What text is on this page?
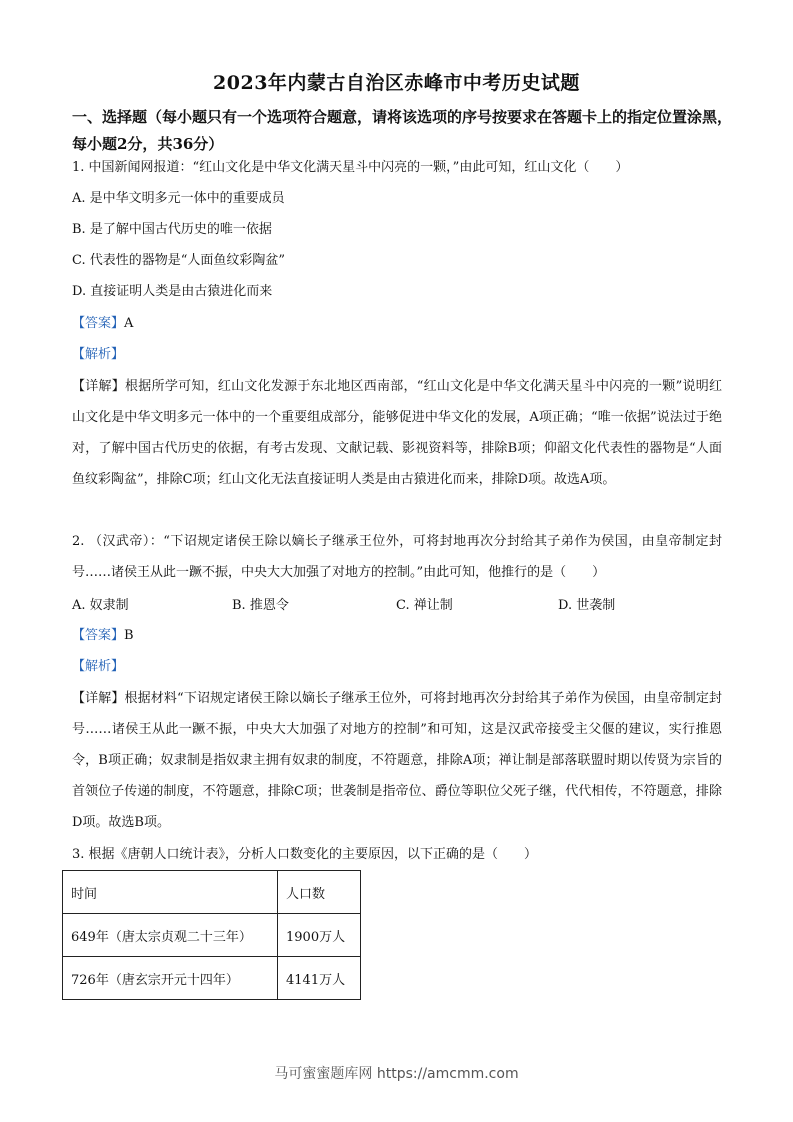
2023年内蒙古自治区赤峰市中考历史试题
一、选择题（每小题只有一个选项符合题意，请将该选项的序号按要求在答题卡上的指定位置涂黑，每小题2分，共36分）
1. 中国新闻网报道：“红山文化是中华文化满天星斗中闪亮的一颗，”由此可知，红山文化（　　）
A. 是中华文明多元一体中的重要成员
B. 是了解中国古代历史的唯一依据
C. 代表性的器物是“人面鱼纹彩陶盆”
D. 直接证明人类是由古猿进化而来
【答案】A
【解析】
【详解】根据所学可知，红山文化发源于东北地区西南部，“红山文化是中华文化满天星斗中闪亮的一颗”说明红山文化是中华文明多元一体中的一个重要组成部分，能够促进中华文化的发展，A项正确；“唯一依据”说法过于绝对，了解中国古代历史的依据，有考古发现、文献记载、影视资料等，排除B项；仰韶文化代表性的器物是“人面鱼纹彩陶盆”，排除C项；红山文化无法直接证明人类是由古猿进化而来，排除D项。故选A项。
2. （汉武帝）：“下诏规定诸侯王除以嫡长子继承王位外，可将封地再次分封给其子弟作为侯国，由皇帝制定封号……诸侯王从此一蹶不振，中央大大加强了对地方的控制。”由此可知，他推行的是（　　）
A. 奴隶制	B. 推恩令	C. 禅让制	D. 世袭制
【答案】B
【解析】
【详解】根据材料“下诏规定诸侯王除以嫡长子继承王位外，可将封地再次分封给其子弟作为侯国，由皇帝制定封号……诸侯王从此一蹶不振，中央大大加强了对地方的控制”和可知，这是汉武帝接受主父偃的建议，实行推恩令，B项正确；奴隶制是指奴隶主拥有奴隶的制度，不符题意，排除A项；禅让制是部落联盟时期以传贤为宗旨的首领位子传递的制度，不符题意，排除C项；世袭制是指帝位、爵位等职位父死子继，代代相传，不符题意，排除D项。故选B项。
3. 根据《唐朝人口统计表》，分析人口数变化的主要原因，以下正确的是（　　）
时间	人口数
649年（唐太宗贞观二十三年）	1900万人
726年（唐玄宗开元十四年）	4141万人
马可蜜蜜题库网 https://amcmm.com
